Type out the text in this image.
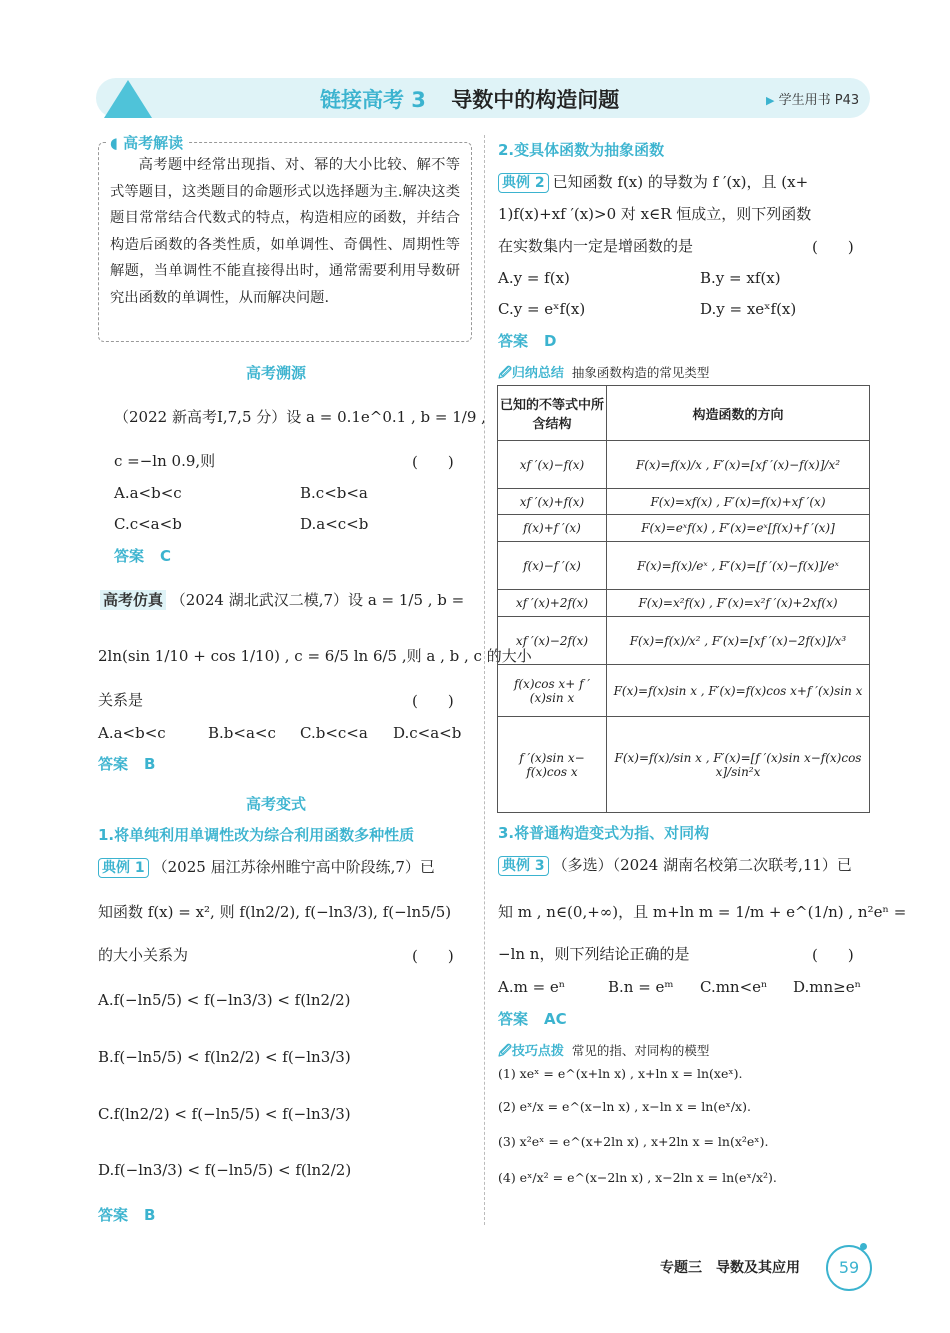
链接高考 3 导数中的构造问题	▶ 学生用书 P43
◖ 高考解读
高考题中经常出现指、对、幂的大小比较、解不等式等题目，这类题目的命题形式以选择题为主.解决这类题目常常结合代数式的特点，构造相应的函数，并结合构造后函数的各类性质，如单调性、奇偶性、周期性等解题，当单调性不能直接得出时，通常需要利用导数研究出函数的单调性，从而解决问题.
高考溯源
（2022 新高考Ⅰ,7,5 分）设 a = 0.1e^0.1 , b = 1/9 ,
c =−ln 0.9,则	(　　)
A.a<b<c	B.c<b<a
C.c<a<b	D.a<c<b
答案 C
高考仿真 （2024 湖北武汉二模,7）设 a = 1/5 , b =
2ln(sin 1/10 + cos 1/10) , c = 6/5 ln 6/5 ,则 a , b , c 的大小
关系是	(　　)
A.a<b<c	B.b<a<c C.b<c<a D.c<a<b
答案 B
高考变式
1.将单纯利用单调性改为综合利用函数多种性质
典例 1 （2025 届江苏徐州睢宁高中阶段练,7）已
知函数 f(x) = x², 则 f(ln2/2), f(−ln3/3), f(−ln5/5)
的大小关系为	(　　)
A.f(−ln5/5) < f(−ln3/3) < f(ln2/2)
B.f(−ln5/5) < f(ln2/2) < f(−ln3/3)
C.f(ln2/2) < f(−ln5/5) < f(−ln3/3)
D.f(−ln3/3) < f(−ln5/5) < f(ln2/2)
答案 B
2.变具体函数为抽象函数
典例 2 已知函数 f(x) 的导数为 f ′(x)，且 (x+
1)f(x)+xf ′(x)>0 对 x∈R 恒成立，则下列函数
在实数集内一定是增函数的是	(　　)
A.y = f(x)	B.y = xf(x)
C.y = eˣf(x)	D.y = xeˣf(x)
答案 D
🖉归纳总结 抽象函数构造的常见类型
已知的不等式中所含结构	构造函数的方向
xf ′(x)−f(x)	F(x)=f(x)/x , F′(x)=[xf ′(x)−f(x)]/x²
xf ′(x)+f(x)	F(x)=xf(x) , F′(x)=f(x)+xf ′(x)
f(x)+f ′(x)	F(x)=eˣf(x) , F′(x)=eˣ[f(x)+f ′(x)]
f(x)−f ′(x)	F(x)=f(x)/eˣ , F′(x)=[f ′(x)−f(x)]/eˣ
xf ′(x)+2f(x)	F(x)=x²f(x) , F′(x)=x²f ′(x)+2xf(x)
xf ′(x)−2f(x)	F(x)=f(x)/x² , F′(x)=[xf ′(x)−2f(x)]/x³
f(x)cos x+ f ′(x)sin x	F(x)=f(x)sin x , F′(x)=f(x)cos x+f ′(x)sin x
f ′(x)sin x− f(x)cos x	F(x)=f(x)/sin x , F′(x)=[f ′(x)sin x−f(x)cos x]/sin²x
3.将普通构造变式为指、对同构
典例 3 （多选）（2024 湖南名校第二次联考,11）已
知 m , n∈(0,+∞)，且 m+ln m = 1/m + e^(1/n) , n²eⁿ =
−ln n，则下列结论正确的是	(　　)
A.m = eⁿ	B.n = eᵐ C.mn<eⁿ D.mn≥eⁿ
答案 AC
🖉技巧点拨 常见的指、对同构的模型
(1) xeˣ = e^(x+ln x) , x+ln x = ln(xeˣ).
(2) eˣ/x = e^(x−ln x) , x−ln x = ln(eˣ/x).
(3) x²eˣ = e^(x+2ln x) , x+2ln x = ln(x²eˣ).
(4) eˣ/x² = e^(x−2ln x) , x−2ln x = ln(eˣ/x²).
专题三　导数及其应用	59
